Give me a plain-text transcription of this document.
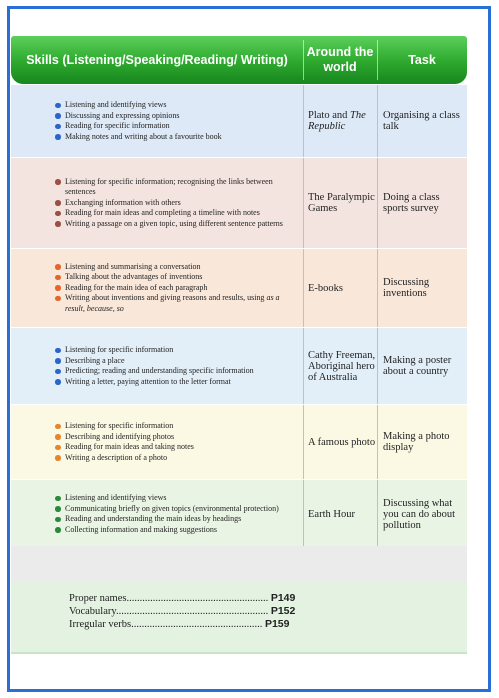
Skills (Listening/Speaking/Reading/ Writing)
Around the world
Task
Listening and identifying views
Discussing and expressing opinions
Reading for specific information
Making notes and writing about a favourite book
Plato and The Republic
Organising a class talk
Listening for specific information; recognising the links between sentences
Exchanging information with others
Reading for main ideas and completing a timeline with notes
Writing a passage on a given topic, using different sentence patterns
The Paralympic Games
Doing a class sports survey
Listening and summarising a conversation
Talking about the advantages of inventions
Reading for the main idea of each paragraph
Writing about inventions and giving reasons and results, using as a result, because, so
E-books	Discussing inventions
Listening for specific information
Describing a place
Predicting; reading and understanding specific information
Writing a letter, paying attention to the letter format
Cathy Freeman, Aboriginal hero of Australia
Making a poster about a country
Listening for specific information
Describing and identifying photos
Reading for main ideas and taking notes
Writing a description of a photo
A famous photo Making a photo display
Listening and identifying views
Communicating briefly on given topics (environmental protection)
Reading and understanding the main ideas by headings
Collecting information and making suggestions
Earth Hour
Discussing what you can do about pollution
Proper names...................................................... P149
Vocabulary.......................................................... P152
Irregular verbs.................................................. P159
